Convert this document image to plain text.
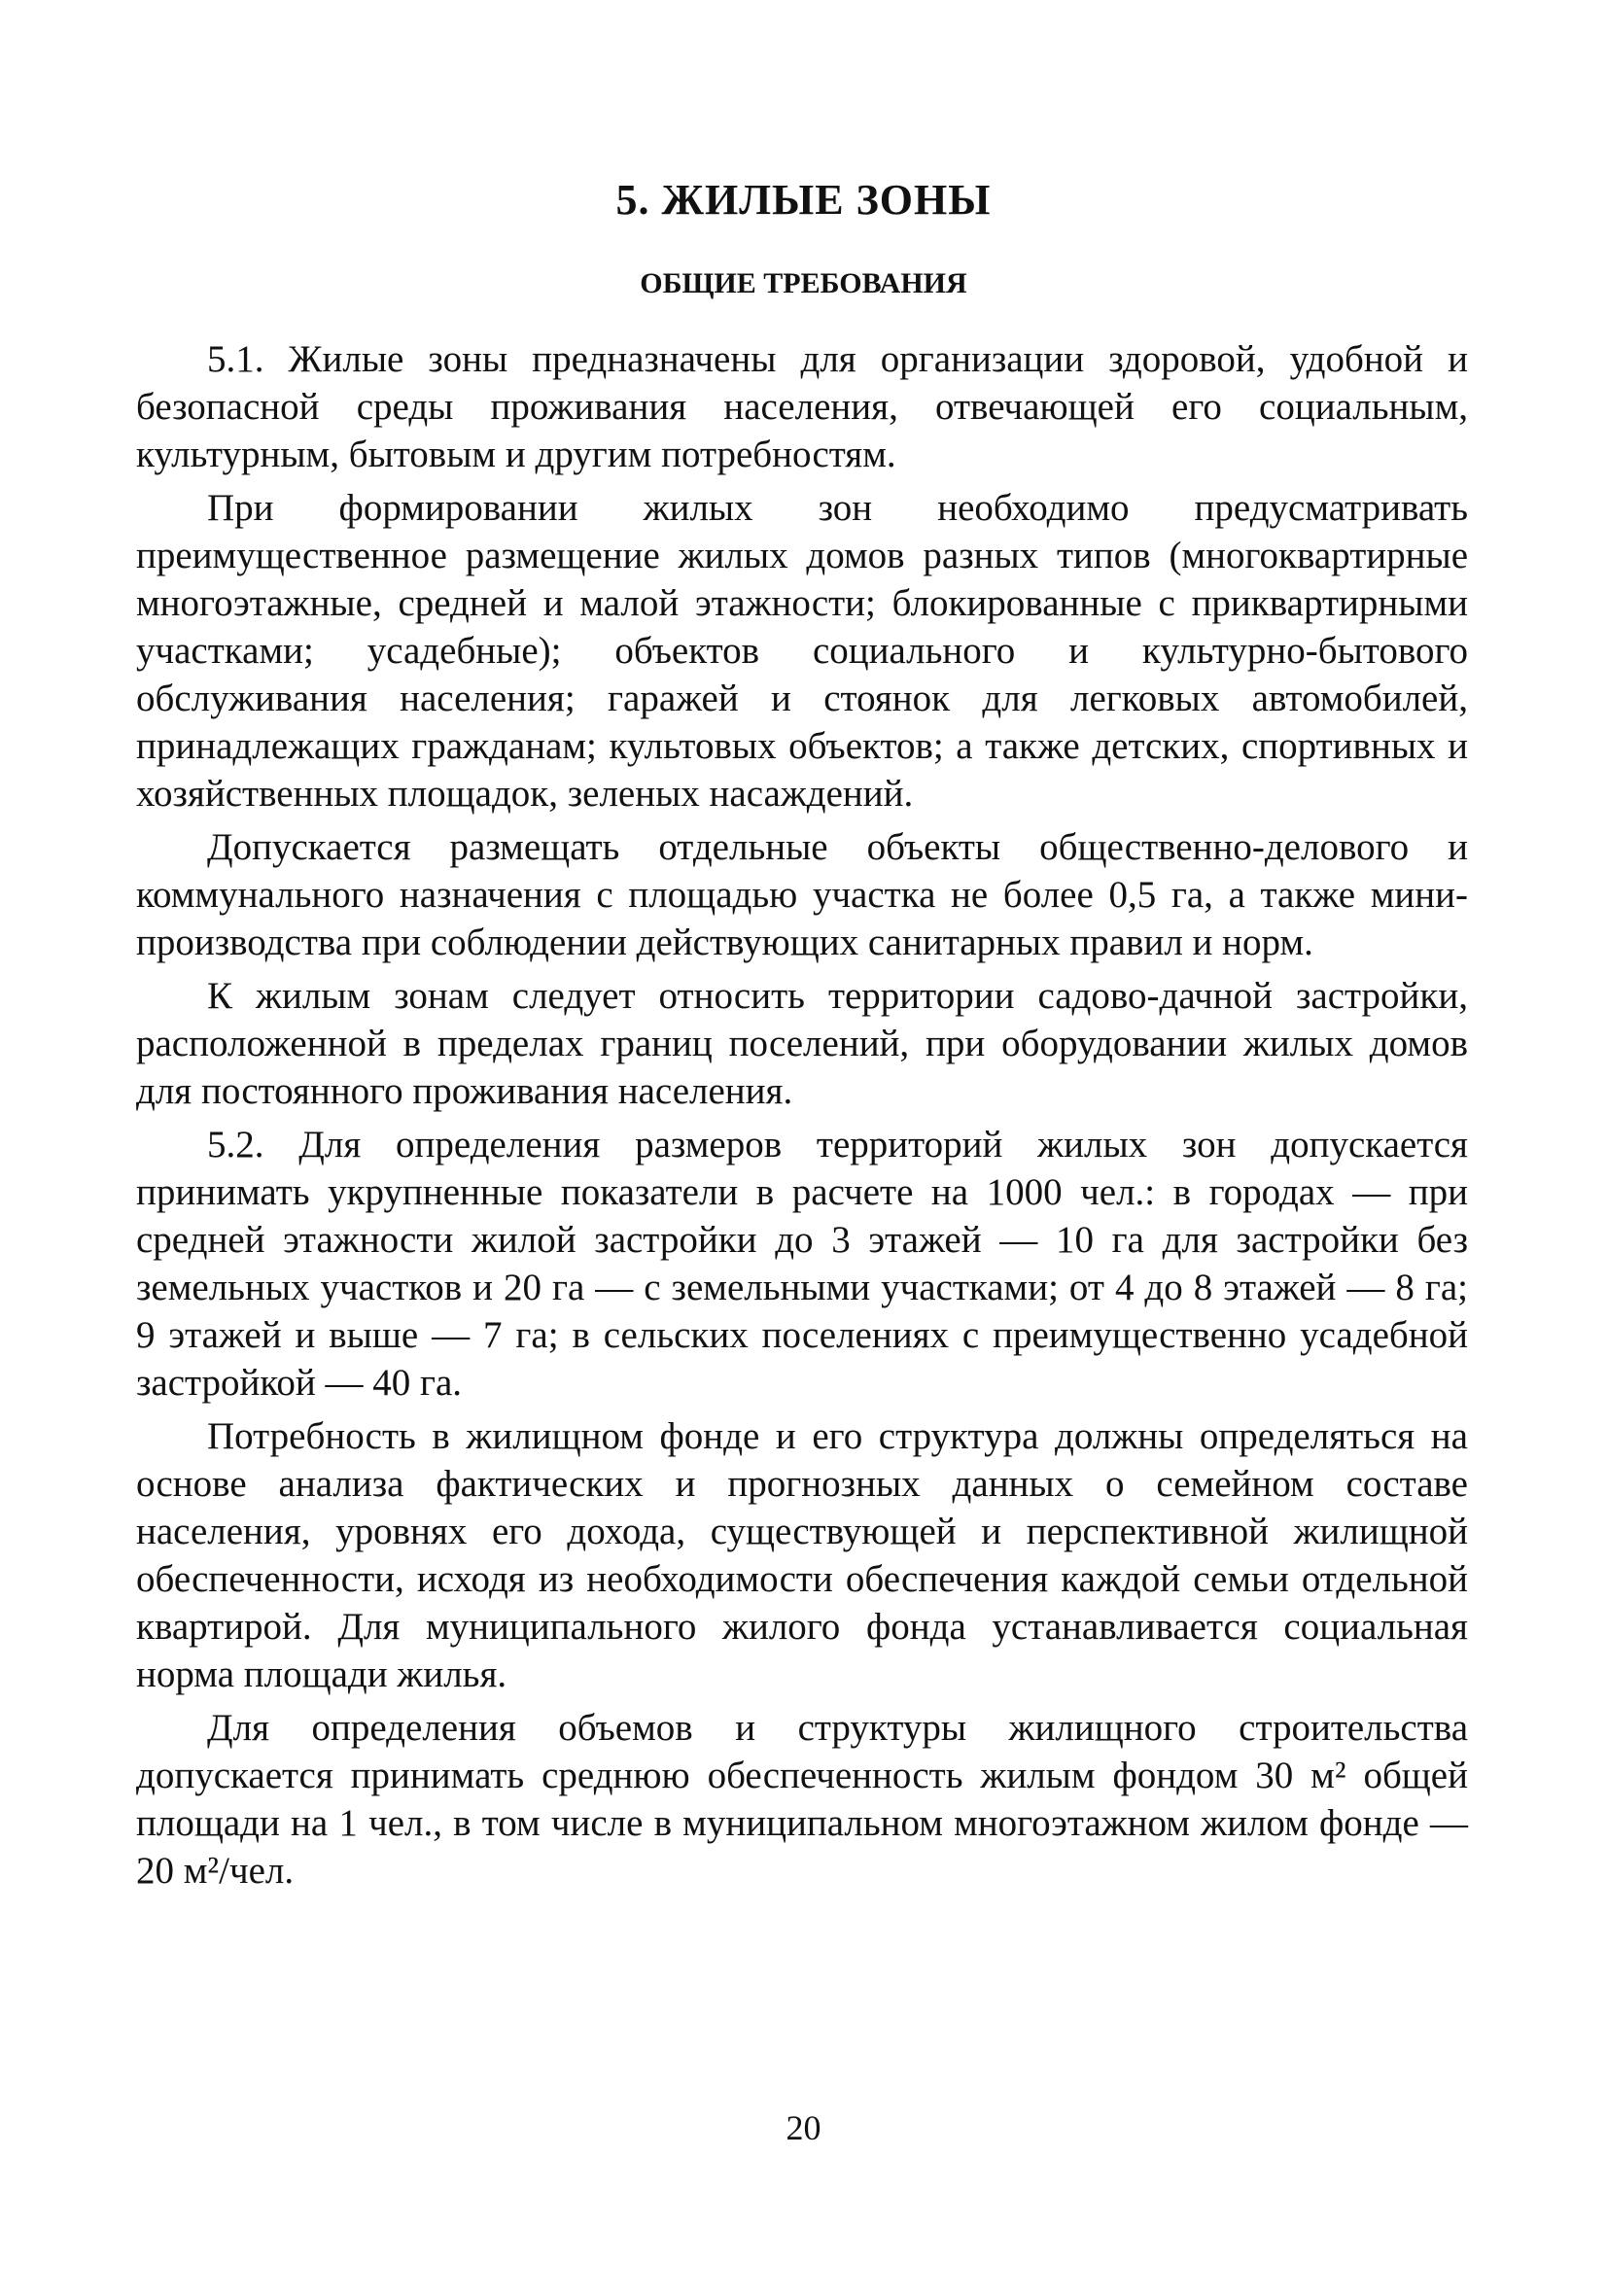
5. ЖИЛЫЕ ЗОНЫ
ОБЩИЕ ТРЕБОВАНИЯ

5.1. Жилые зоны предназначены для организации здоровой, удобной и безопасной среды проживания населения, отвечающей его социальным, культурным, бытовым и другим потребностям.

При формировании жилых зон необходимо предусматривать преимущественное размещение жилых домов разных типов (многоквартирные многоэтажные, средней и малой этажности; блокированные с приквартирными участками; усадебные); объектов социального и культурно-бытового обслуживания населения; гаражей и стоянок для легковых автомобилей, принадлежащих гражданам; культовых объектов; а также детских, спортивных и хозяйственных площадок, зеленых насаждений.

Допускается размещать отдельные объекты общественно-делового и коммунального назначения с площадью участка не более 0,5 га, а также мини-производства при соблюдении действующих санитарных правил и норм.

К жилым зонам следует относить территории садово-дачной застройки, расположенной в пределах границ поселений, при оборудовании жилых домов для постоянного проживания населения.

5.2. Для определения размеров территорий жилых зон допускается принимать укрупненные показатели в расчете на 1000 чел.: в городах — при средней этажности жилой застройки до 3 этажей — 10 га для застройки без земельных участков и 20 га — с земельными участками; от 4 до 8 этажей — 8 га; 9 этажей и выше — 7 га; в сельских поселениях с преимущественно усадебной застройкой — 40 га.

Потребность в жилищном фонде и его структура должны определяться на основе анализа фактических и прогнозных данных о семейном составе населения, уровнях его дохода, существующей и перспективной жилищной обеспеченности, исходя из необходимости обеспечения каждой семьи отдельной квартирой. Для муниципального жилого фонда устанавливается социальная норма площади жилья.

Для определения объемов и структуры жилищного строительства допускается принимать среднюю обеспеченность жилым фондом 30 м² общей площади на 1 чел., в том числе в муниципальном многоэтажном жилом фонде — 20 м²/чел.

20
